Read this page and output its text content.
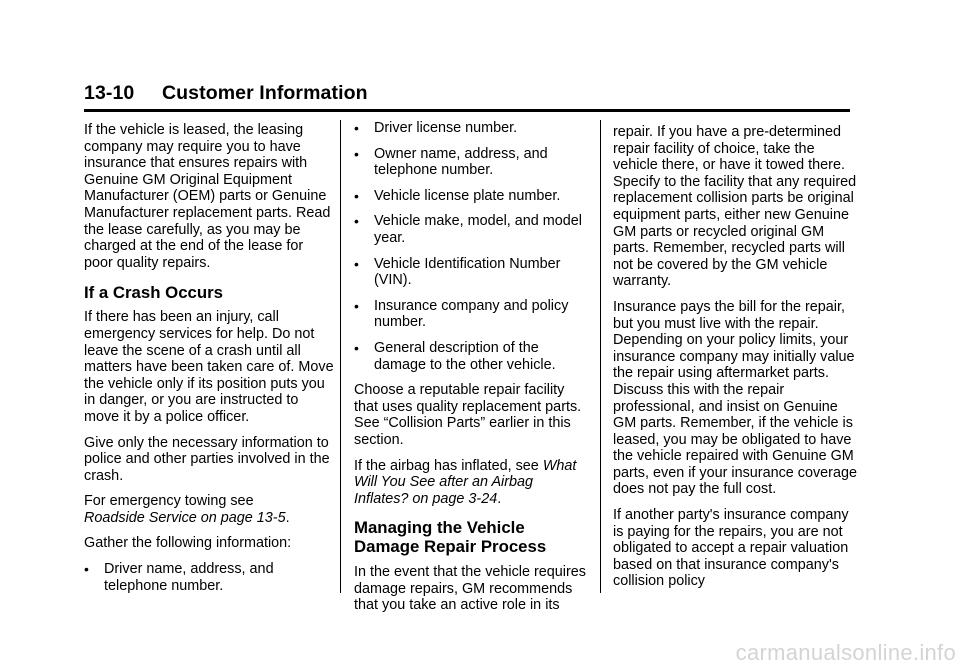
13-10     Customer Information

If the vehicle is leased, the leasing company may require you to have insurance that ensures repairs with Genuine GM Original Equipment Manufacturer (OEM) parts or Genuine Manufacturer replacement parts. Read the lease carefully, as you may be charged at the end of the lease for poor quality repairs.

If a Crash Occurs

If there has been an injury, call emergency services for help. Do not leave the scene of a crash until all matters have been taken care of. Move the vehicle only if its position puts you in danger, or you are instructed to move it by a police officer.

Give only the necessary information to police and other parties involved in the crash.

For emergency towing see
Roadside Service on page 13-5.

Gather the following information:

• Driver name, address, and telephone number.
• Driver license number.
• Owner name, address, and telephone number.
• Vehicle license plate number.
• Vehicle make, model, and model year.
• Vehicle Identification Number (VIN).
• Insurance company and policy number.
• General description of the damage to the other vehicle.

Choose a reputable repair facility that uses quality replacement parts. See “Collision Parts” earlier in this section.

If the airbag has inflated, see What Will You See after an Airbag Inflates? on page 3-24.

Managing the Vehicle Damage Repair Process

In the event that the vehicle requires damage repairs, GM recommends that you take an active role in its

repair. If you have a pre-determined repair facility of choice, take the vehicle there, or have it towed there. Specify to the facility that any required replacement collision parts be original equipment parts, either new Genuine GM parts or recycled original GM parts. Remember, recycled parts will not be covered by the GM vehicle warranty.

Insurance pays the bill for the repair, but you must live with the repair. Depending on your policy limits, your insurance company may initially value the repair using aftermarket parts. Discuss this with the repair professional, and insist on Genuine GM parts. Remember, if the vehicle is leased, you may be obligated to have the vehicle repaired with Genuine GM parts, even if your insurance coverage does not pay the full cost.

If another party's insurance company is paying for the repairs, you are not obligated to accept a repair valuation based on that insurance company's collision policy

carmanualsonline.info
